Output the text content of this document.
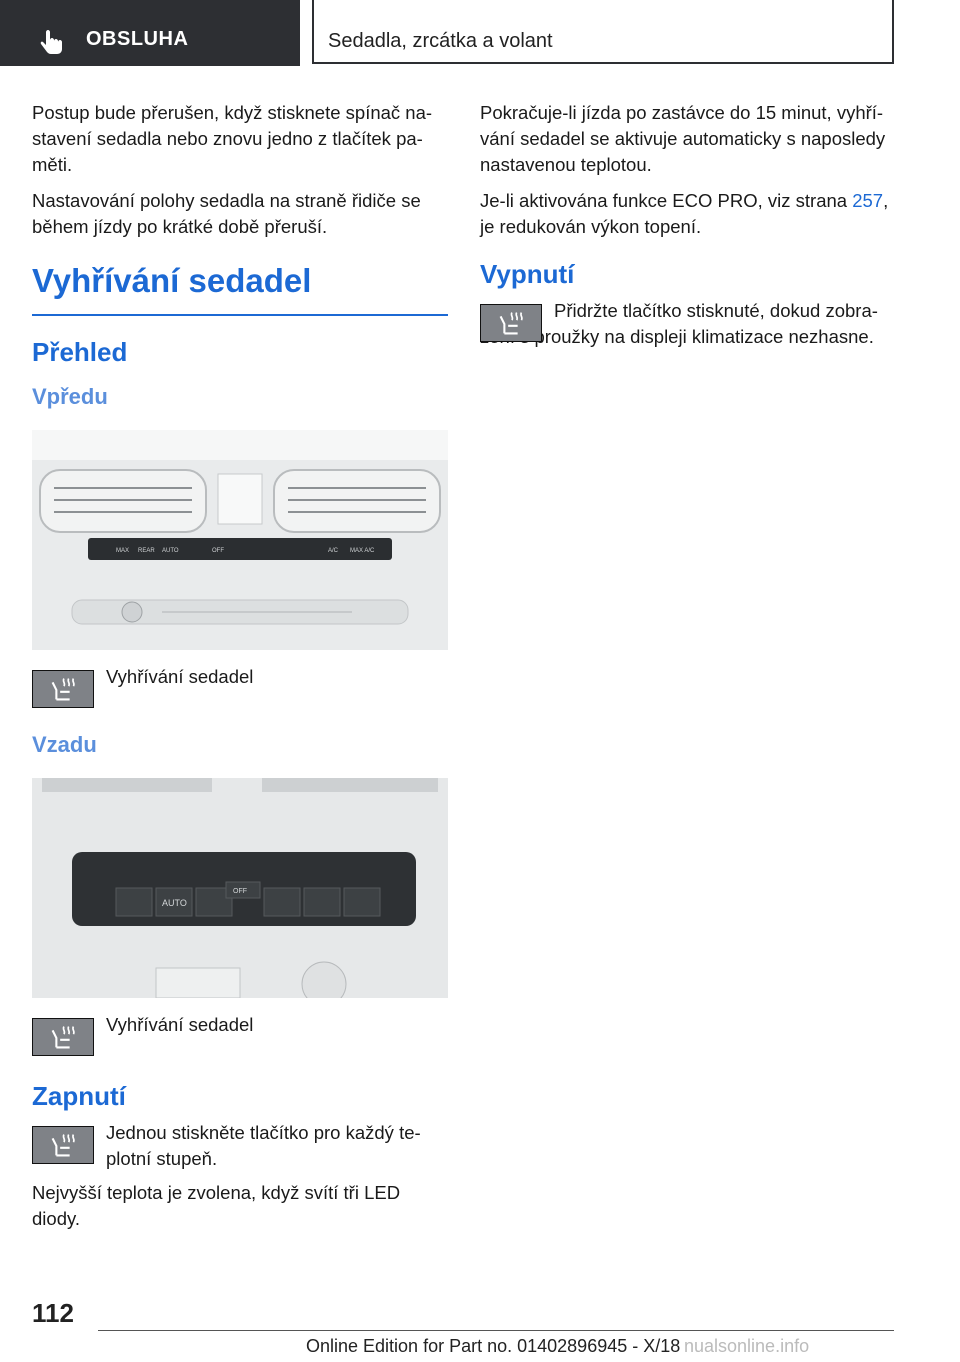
OBSLUHA	Sedadla, zrcátka a volant

Postup bude přerušen, když stisknete spínač nastavení sedadla nebo znovu jedno z tlačítek paměti.

Nastavování polohy sedadla na straně řidiče se během jízdy po krátké době přeruší.

Vyhřívání sedadel
Přehled
Vpředu
MAX REAR AUTO	OFF	A/C MAX A/C
Vyhřívání sedadel
Vzadu
AUTO
OFF
Vyhřívání sedadel
Zapnutí
Jednou stiskněte tlačítko pro každý teplotní stupeň.

Nejvyšší teplota je zvolena, když svítí tři LED diody.

Pokračuje-li jízda po zastávce do 15 minut, vyhřívání sedadel se aktivuje automaticky s naposledy nastavenou teplotou.

Je-li aktivována funkce ECO PRO, viz strana 257, je redukován výkon topení.

Vypnutí
Přidržte tlačítko stisknuté, dokud zobrazení s proužky na displeji klimatizace nezhasne.
112
Online Edition for Part no. 01402896945 - X/18 nualsonline.info
